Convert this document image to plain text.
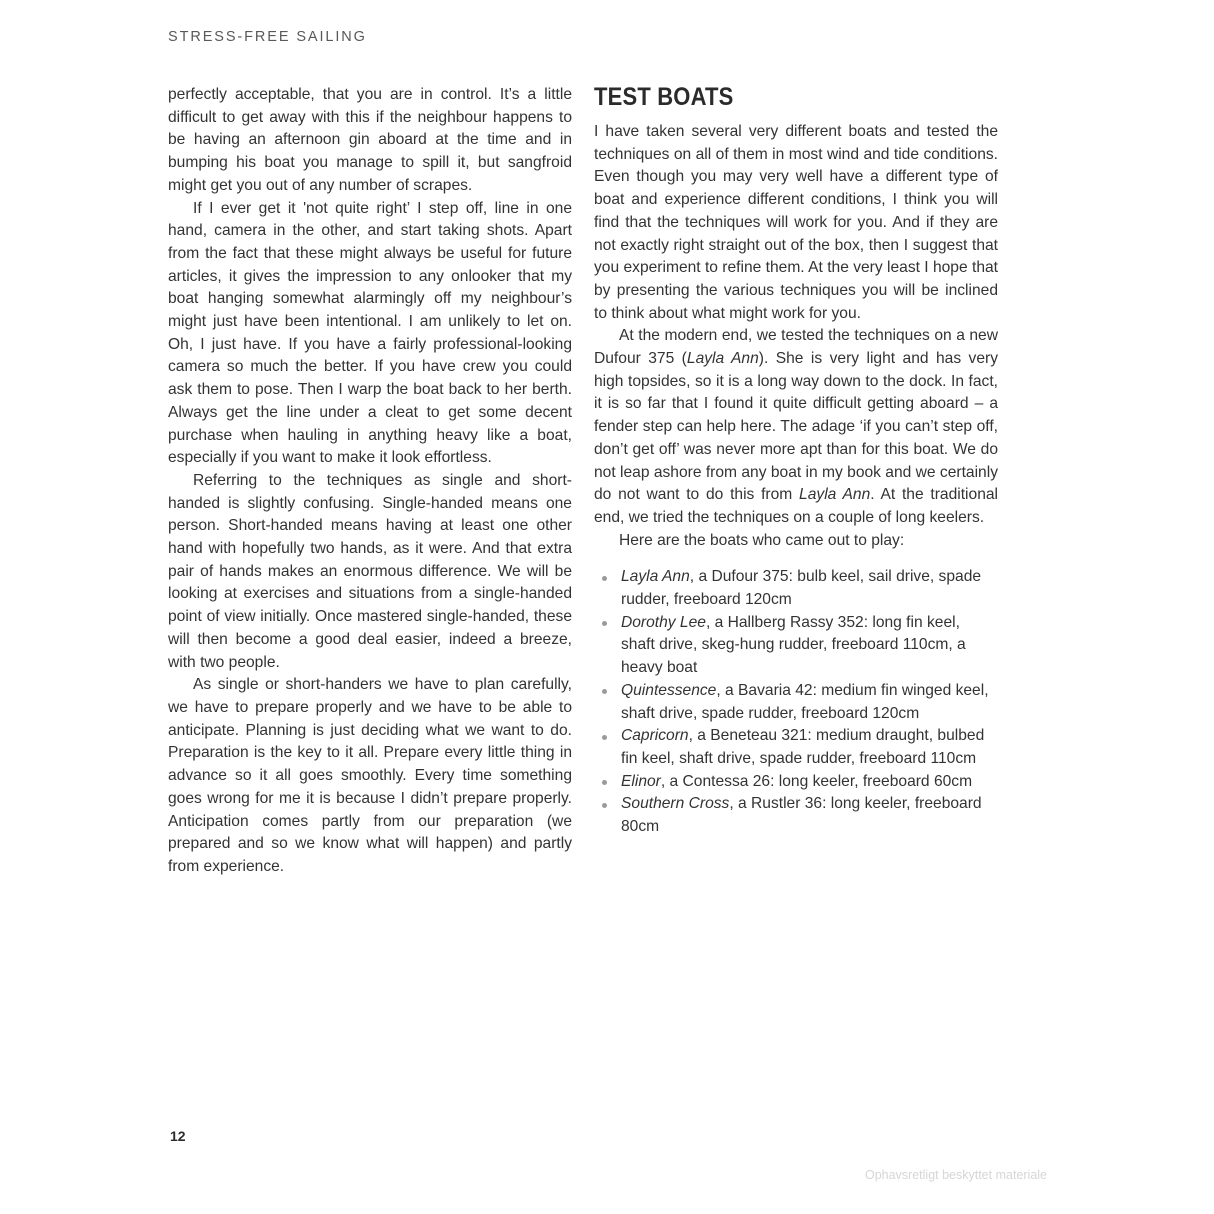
STRESS-FREE SAILING

perfectly acceptable, that you are in control. It’s a little difficult to get away with this if the neighbour happens to be having an afternoon gin aboard at the time and in bumping his boat you manage to spill it, but sangfroid might get you out of any number of scrapes.

If I ever get it 'not quite right’ I step off, line in one hand, camera in the other, and start taking shots. Apart from the fact that these might always be useful for future articles, it gives the impression to any onlooker that my boat hanging somewhat alarmingly off my neighbour’s might just have been intentional. I am unlikely to let on. Oh, I just have. If you have a fairly professional-looking camera so much the better. If you have crew you could ask them to pose. Then I warp the boat back to her berth. Always get the line under a cleat to get some decent purchase when hauling in anything heavy like a boat, especially if you want to make it look effortless.

Referring to the techniques as single and short-handed is slightly confusing. Single-handed means one person. Short-handed means having at least one other hand with hopefully two hands, as it were. And that extra pair of hands makes an enormous difference. We will be looking at exercises and situations from a single-handed point of view initially. Once mastered single-handed, these will then become a good deal easier, indeed a breeze, with two people.

As single or short-handers we have to plan carefully, we have to prepare properly and we have to be able to anticipate. Planning is just deciding what we want to do. Preparation is the key to it all. Prepare every little thing in advance so it all goes smoothly. Every time something goes wrong for me it is because I didn’t prepare properly. Anticipation comes partly from our preparation (we prepared and so we know what will happen) and partly from experience.

TEST BOATS

I have taken several very different boats and tested the techniques on all of them in most wind and tide conditions. Even though you may very well have a different type of boat and experience different conditions, I think you will find that the techniques will work for you. And if they are not exactly right straight out of the box, then I suggest that you experiment to refine them. At the very least I hope that by presenting the various techniques you will be inclined to think about what might work for you.

At the modern end, we tested the techniques on a new Dufour 375 (Layla Ann). She is very light and has very high topsides, so it is a long way down to the dock. In fact, it is so far that I found it quite difficult getting aboard – a fender step can help here. The adage ‘if you can’t step off, don’t get off’ was never more apt than for this boat. We do not leap ashore from any boat in my book and we certainly do not want to do this from Layla Ann. At the traditional end, we tried the techniques on a couple of long keelers.

Here are the boats who came out to play:

Layla Ann, a Dufour 375: bulb keel, sail drive, spade rudder, freeboard 120cm
Dorothy Lee, a Hallberg Rassy 352: long fin keel, shaft drive, skeg-hung rudder, freeboard 110cm, a heavy boat
Quintessence, a Bavaria 42: medium fin winged keel, shaft drive, spade rudder, freeboard 120cm
Capricorn, a Beneteau 321: medium draught, bulbed fin keel, shaft drive, spade rudder, freeboard 110cm
Elinor, a Contessa 26: long keeler, freeboard 60cm
Southern Cross, a Rustler 36: long keeler, freeboard 80cm
12
Ophavsretligt beskyttet materiale
